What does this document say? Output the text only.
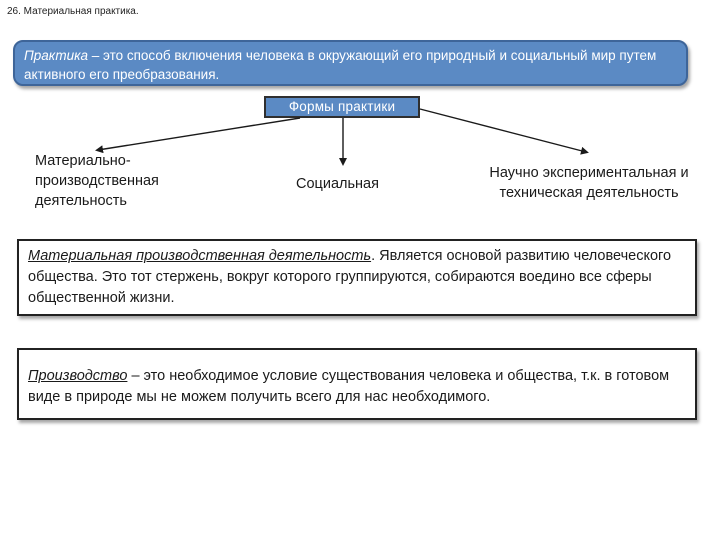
26. Материальная практика.
Практика – это способ включения человека в окружающий его природный и социальный мир путем активного его преобразования.
Формы практики
Материально-производственная деятельность
Социальная
Научно экспериментальная и техническая деятельность
Материальная производственная деятельность. Является основой развитию человеческого общества. Это тот стержень, вокруг которого группируются, собираются воедино все сферы общественной жизни.
Производство – это необходимое условие существования человека и общества, т.к. в готовом виде в природе мы не можем получить всего для нас необходимого.
